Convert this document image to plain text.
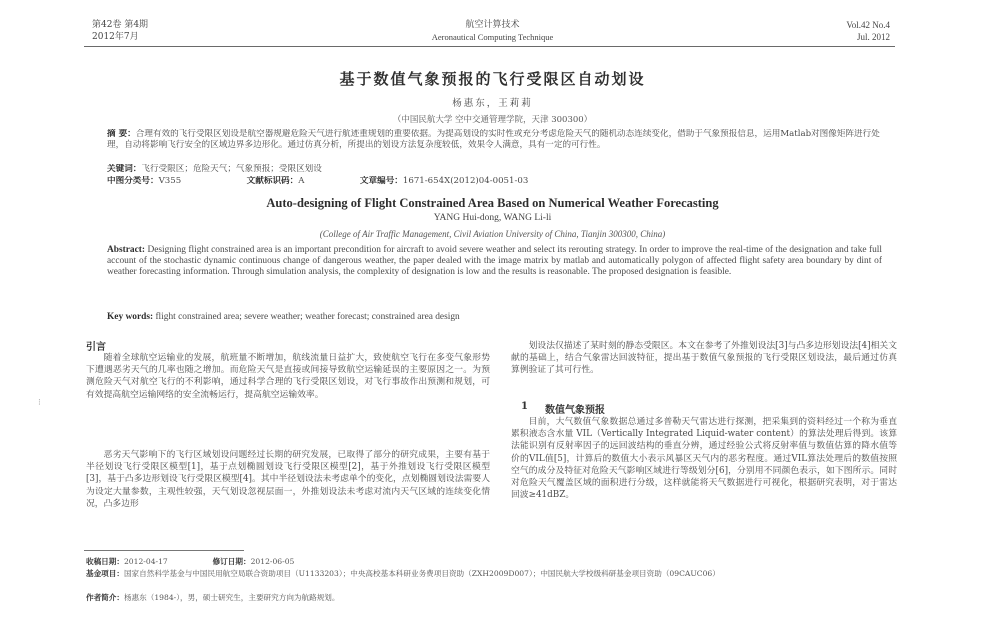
第42卷 第4期
2012年7月
航空计算技术
Aeronautical Computing Technique
Vol.42 No.4
Jul. 2012
基于数值气象预报的飞行受限区自动划设
杨惠东，王莉莉
（中国民航大学 空中交通管理学院，天津 300300）
摘 要：合理有效的飞行受限区划设是航空器规避危险天气进行航迹重规划的重要依据。为提高划设的实时性或充分考虑危险天气的随机动态连续变化，借助于气象预报信息，运用Matlab对图像矩阵进行处理，自动将影响飞行安全的区域边界多边形化。通过仿真分析，所提出的划设方法复杂度较低，效果令人满意，具有一定的可行性。
关键词：飞行受限区；危险天气；气象预报；受限区划设
中图分类号：V355	文献标识码：A	文章编号：1671-654X(2012)04-0051-03
Auto-designing of Flight Constrained Area Based on Numerical Weather Forecasting
YANG Hui-dong, WANG Li-li
(College of Air Traffic Management, Civil Aviation University of China, Tianjin 300300, China)
Abstract: Designing flight constrained area is an important precondition for aircraft to avoid severe weather and select its rerouting strategy. In order to improve the real-time of the designation and take full account of the stochastic dynamic continuous change of dangerous weather, the paper dealed with the image matrix by matlab and automatically polygon of affected flight safety area boundary by dint of weather forecasting information. Through simulation analysis, the complexity of designation is low and the results is reasonable. The proposed designation is feasible.
Key words: flight constrained area; severe weather; weather forecast; constrained area design
引言
随着全球航空运输业的发展，航班量不断增加，航线流量日益扩大，致使航空飞行在多变气象形势下遭遇恶劣天气的几率也随之增加。而危险天气是直接或间接导致航空运输延误的主要原因之一。为预测危险天气对航空飞行的不利影响，通过科学合理的飞行受限区划设，对飞行事故作出预测和规划，可有效提高航空运输网络的安全流畅运行，提高航空运输效率。
恶劣天气影响下的飞行区域划设问题经过长期的研究发展，已取得了部分的研究成果，主要有基于半径划设飞行受限区模型[1]，基于点划椭圆划设飞行受限区模型[2]，基于外推划设飞行受限区模型[3]，基于凸多边形划设飞行受限区模型[4]。其中半径划设法未考虑单个的变化，点划椭圆划设法需要人为设定大量参数，主观性较强，天气划设忽视层面一，外推划设法未考虑对流内天气区域的连续变化情况，凸多边形
划设法仅描述了某时刻的静态受限区。本文在参考了外推划设法[3]与凸多边形划设法[4]相关文献的基础上，结合气象雷达回波特征，提出基于数值气象预报的飞行受限区划设法，最后通过仿真算例验证了其可行性。
1 数值气象预报
目前，大气数值气象数据总通过多普勒天气雷达进行探测，把采集到的资料经过一个称为垂直累积液态含水量 VIL（Vertically Integrated Liquid-water content）的算法处理后得到。该算法能识别有反射率因子的远回波结构的垂直分辨，通过经验公式将反射率值与数值估算的降水值等价的VIL值[5]，计算后的数值大小表示风暴区天气内的恶劣程度。通过VIL算法处理后的数值按照空气的成分及特征对危险天气影响区域进行等级划分[6]，分别用不同颜色表示，如下图所示。同时对危险天气覆盖区域的面积进行分级，这样就能将天气数据进行可视化，根据研究表明，对于雷达回波≥41dBZ。
⁝
收稿日期：2012-04-17	修订日期：2012-06-05
基金项目：国家自然科学基金与中国民用航空局联合资助项目（U1133203）；中央高校基本科研业务费项目资助（ZXH2009D007）；中国民航大学校级科研基金项目资助（09CAUC06）
作者简介：杨惠东（1984-），男，硕士研究生，主要研究方向为航路规划。
